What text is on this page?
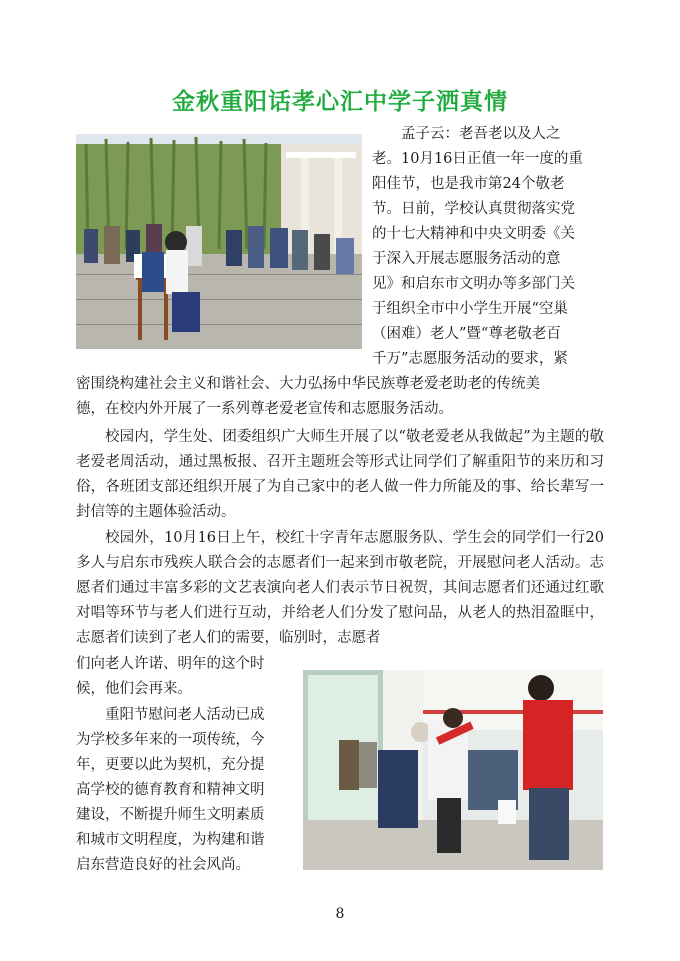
金秋重阳话孝心汇中学子洒真情
孟子云：老吾老以及人之
老。10月16日正值一年一度的重
阳佳节，也是我市第24个敬老
节。日前，学校认真贯彻落实党
的十七大精神和中央文明委《关
于深入开展志愿服务活动的意
见》和启东市文明办等多部门关
于组织全市中小学生开展“空巢
（困难）老人”暨“尊老敬老百
千万”志愿服务活动的要求，紧
密围绕构建社会主义和谐社会、大力弘扬中华民族尊老爱老助老的传统美
德，在校内外开展了一系列尊老爱老宣传和志愿服务活动。

校园内，学生处、团委组织广大师生开展了以“敬老爱老从我做起”为主题的敬老爱老周活动，通过黑板报、召开主题班会等形式让同学们了解重阳节的来历和习俗，各班团支部还组织开展了为自己家中的老人做一件力所能及的事、给长辈写一封信等的主题体验活动。

校园外，10月16日上午，校红十字青年志愿服务队、学生会的同学们一行20多人与启东市残疾人联合会的志愿者们一起来到市敬老院，开展慰问老人活动。志愿者们通过丰富多彩的文艺表演向老人们表示节日祝贺，其间志愿者们还通过红歌对唱等环节与老人们进行互动，并给老人们分发了慰问品，从老人的热泪盈眶中，志愿者们读到了老人们的需要，临别时，志愿者

们向老人许诺、明年的这个时
候，他们会再来。
重阳节慰问老人活动已成
为学校多年来的一项传统，今
年，更要以此为契机，充分提
高学校的德育教育和精神文明
建设，不断提升师生文明素质
和城市文明程度，为构建和谐
启东营造良好的社会风尚。
8
